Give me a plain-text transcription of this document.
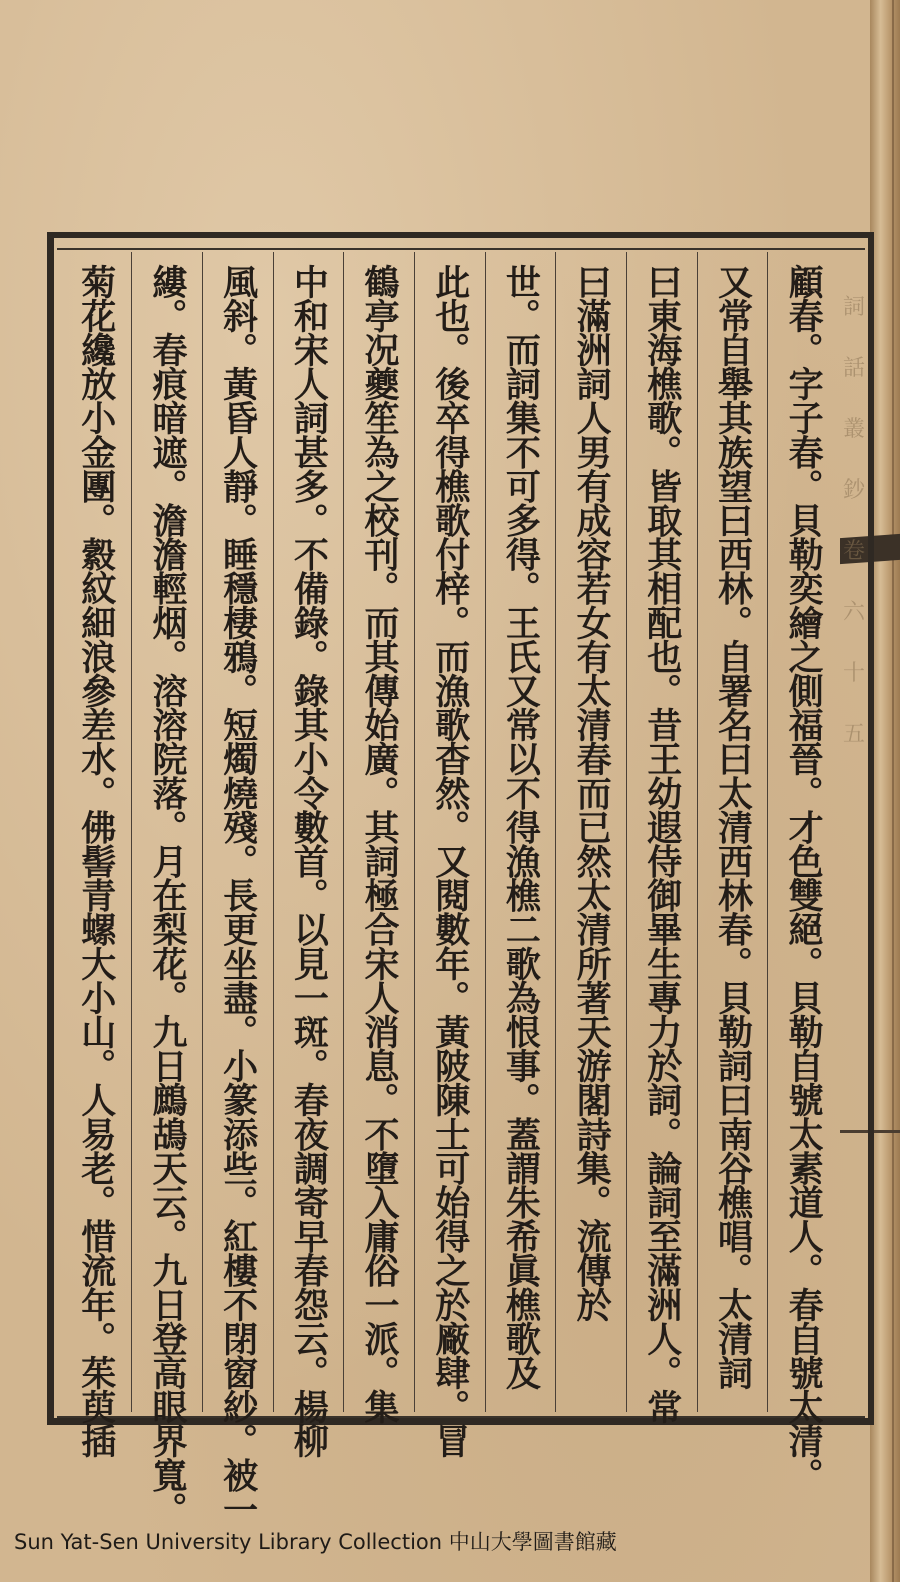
詞
話
叢
鈔
卷
六
十
五
顧春。字子春。貝勒奕繪之側福晉。才色雙絕。貝勒自號太素道人。春自號太清。
又常自舉其族望曰西林。自署名曰太清西林春。貝勒詞曰南谷樵唱。太清詞
曰東海樵歌。皆取其相配也。昔王幼遐侍御畢生專力於詞。論詞至滿洲人。常
曰滿洲詞人男有成容若女有太清春而已然太清所著天游閣詩集。流傳於
世。而詞集不可多得。王氏又常以不得漁樵二歌為恨事。蓋謂朱希眞樵歌及
此也。後卒得樵歌付梓。而漁歌杳然。又閱數年。黃陂陳士可始得之於廠肆。冒
鶴亭况夔笙為之校刊。而其傳始廣。其詞極合宋人消息。不墮入庸俗一派。集
中和宋人詞甚多。不備錄。錄其小令數首。以見一斑。春夜調寄早春怨云。楊柳
風斜。黃昏人靜。睡穩棲鴉。短燭燒殘。長更坐盡。小篆添些。紅樓不閉窗紗。被一
縷。春痕暗遮。澹澹輕烟。溶溶院落。月在梨花。九日鷓鴣天云。九日登高眼界寬。
菊花纔放小金團。縠紋細浪參差水。佛髻青螺大小山。人易老。惜流年。茱萸插
Sun Yat-Sen University Library Collection 中山大學圖書館藏
